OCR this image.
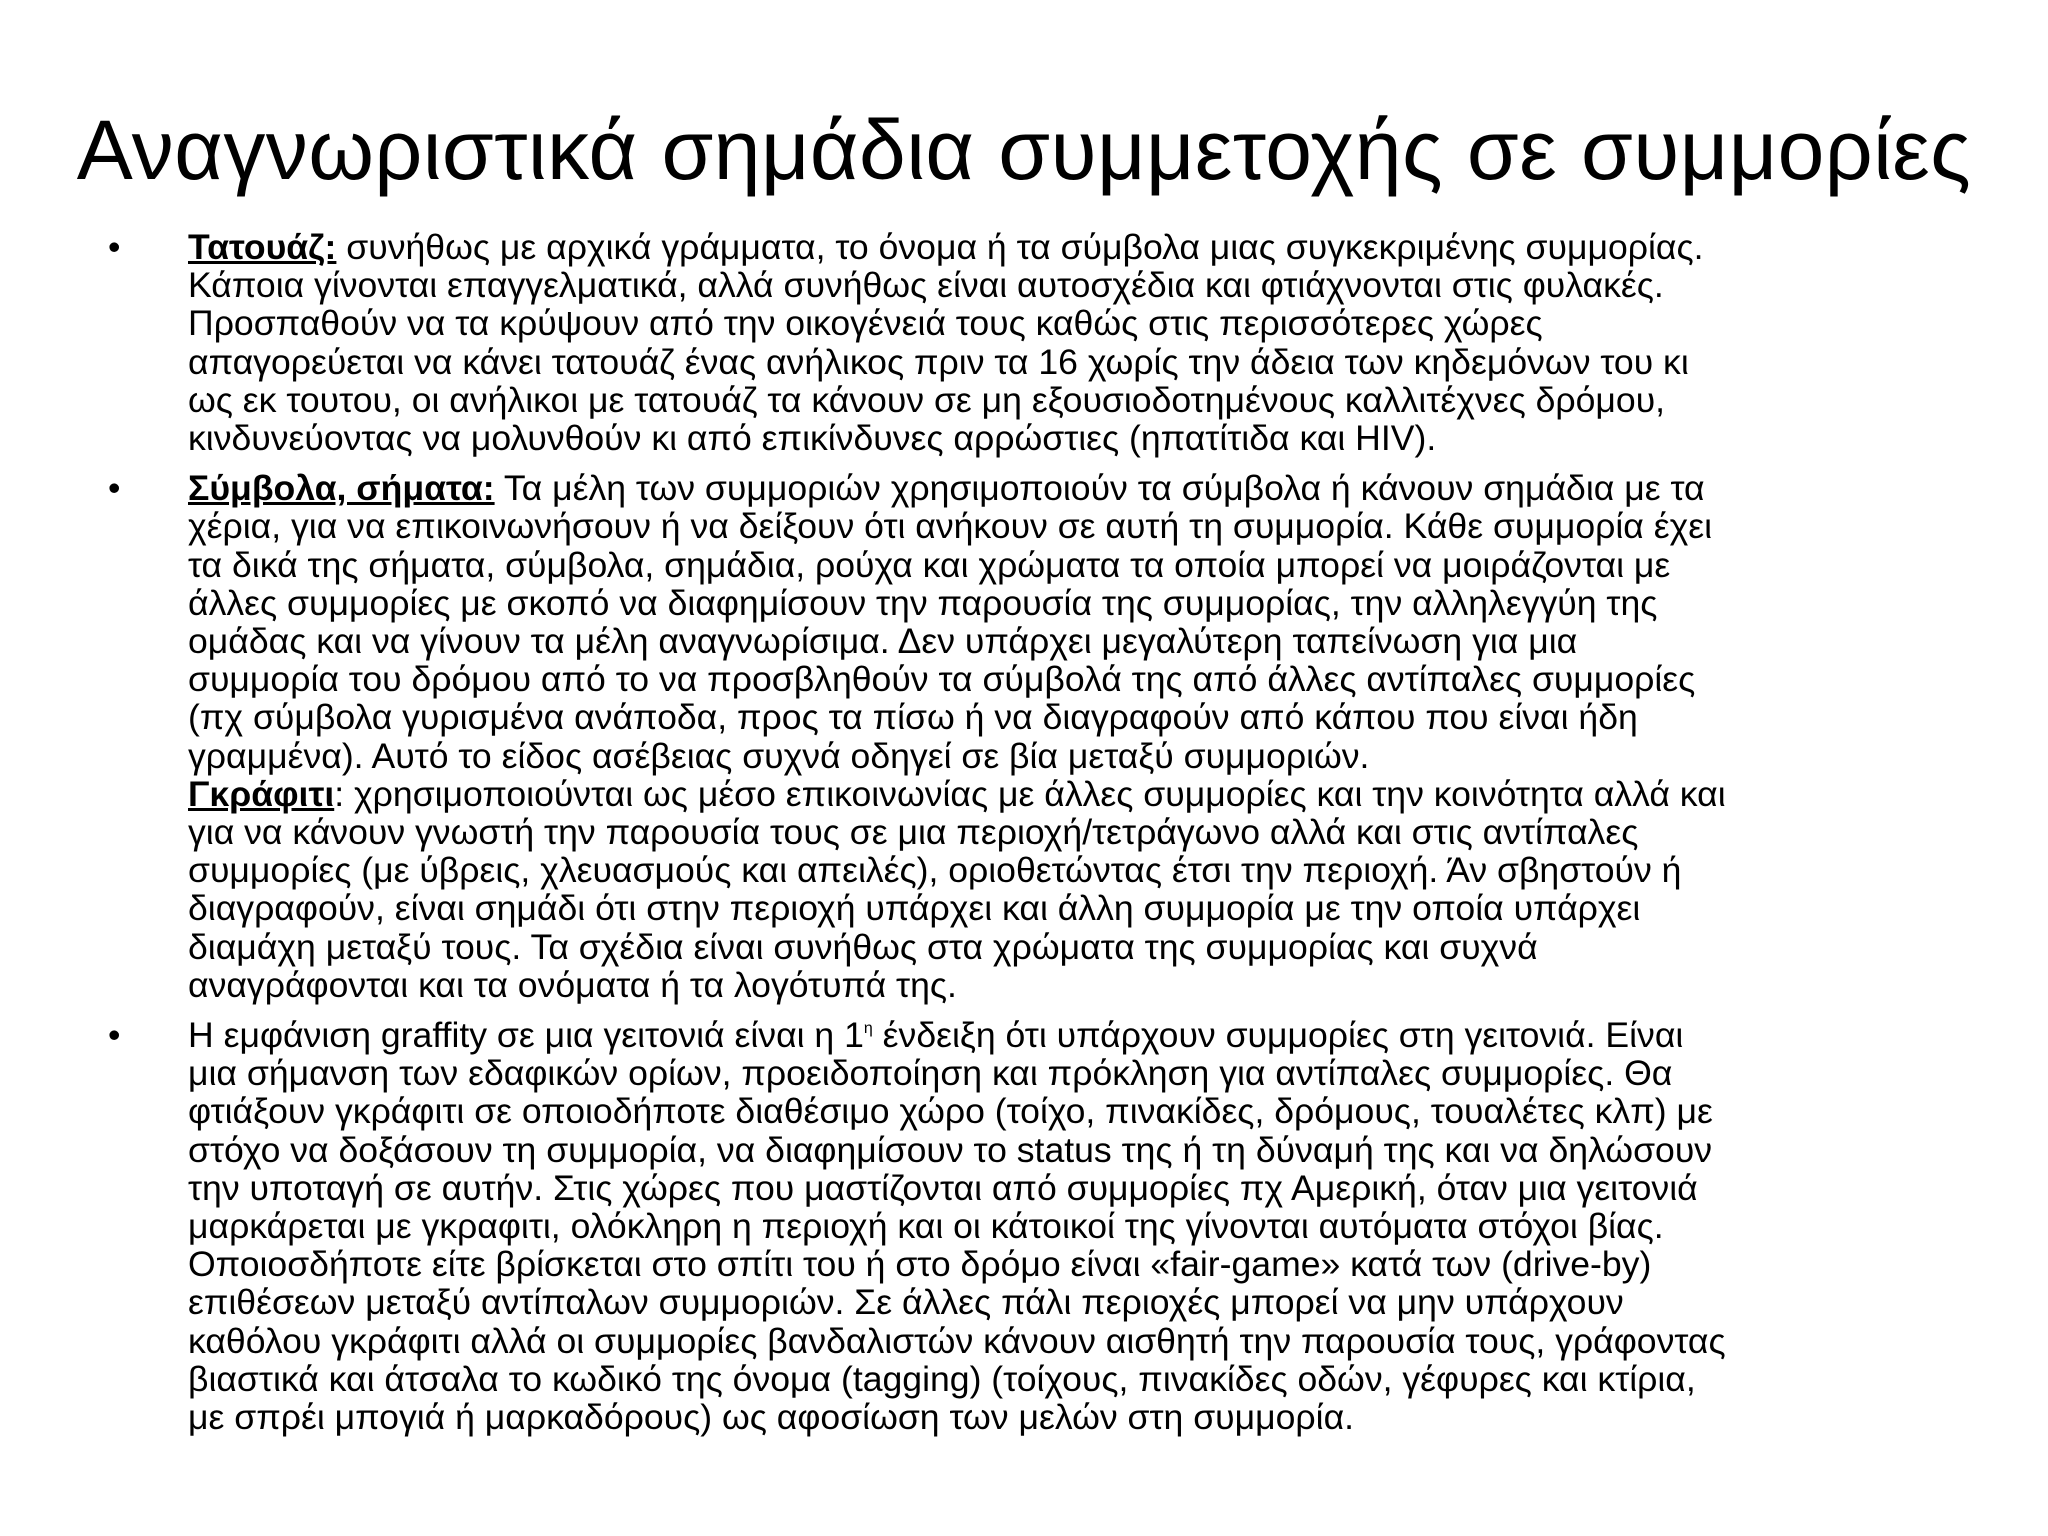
Αναγνωριστικά σημάδια συμμετοχής σε συμμορίες
•
Τατουάζ: συνήθως με αρχικά γράμματα, το όνομα ή τα σύμβολα μιας συγκεκριμένης συμμορίας.
Κάποια γίνονται επαγγελματικά, αλλά συνήθως είναι αυτοσχέδια και φτιάχνονται στις φυλακές.
Προσπαθούν να τα κρύψουν από την οικογένειά τους καθώς στις περισσότερες χώρες
απαγορεύεται να κάνει τατουάζ ένας ανήλικος πριν τα 16 χωρίς την άδεια των κηδεμόνων του κι
ως εκ τουτου, οι ανήλικοι με τατουάζ τα κάνουν σε μη εξουσιοδοτημένους καλλιτέχνες δρόμου,
κινδυνεύοντας να μολυνθούν κι από επικίνδυνες αρρώστιες (ηπατίτιδα και HIV).
•
Σύμβολα, σήματα: Τα μέλη των συμμοριών χρησιμοποιούν τα σύμβολα ή κάνουν σημάδια με τα
χέρια, για να επικοινωνήσουν ή να δείξουν ότι ανήκουν σε αυτή τη συμμορία. Κάθε συμμορία έχει
τα δικά της σήματα, σύμβολα, σημάδια, ρούχα και χρώματα τα οποία μπορεί να μοιράζονται με
άλλες συμμορίες με σκοπό να διαφημίσουν την παρουσία της συμμορίας, την αλληλεγγύη της
ομάδας και να γίνουν τα μέλη αναγνωρίσιμα. Δεν υπάρχει μεγαλύτερη ταπείνωση για μια
συμμορία του δρόμου από το να προσβληθούν τα σύμβολά της από άλλες αντίπαλες συμμορίες
(πχ σύμβολα γυρισμένα ανάποδα, προς τα πίσω ή να διαγραφούν από κάπου που είναι ήδη
γραμμένα). Αυτό το είδος ασέβειας συχνά οδηγεί σε βία μεταξύ συμμοριών.
Γκράφιτι: χρησιμοποιούνται ως μέσο επικοινωνίας με άλλες συμμορίες και την κοινότητα αλλά και
για να κάνουν γνωστή την παρουσία τους σε μια περιοχή/τετράγωνο αλλά και στις αντίπαλες
συμμορίες (με ύβρεις, χλευασμούς και απειλές), οριοθετώντας έτσι την περιοχή. Άν σβηστούν ή
διαγραφούν, είναι σημάδι ότι στην περιοχή υπάρχει και άλλη συμμορία με την οποία υπάρχει
διαμάχη μεταξύ τους. Τα σχέδια είναι συνήθως στα χρώματα της συμμορίας και συχνά
αναγράφονται και τα ονόματα ή τα λογότυπά της.
•
Η εμφάνιση graffity σε μια γειτονιά είναι η $1^\eta$ ένδειξη ότι υπάρχουν συμμορίες στη γειτονιά. Είναι
μια σήμανση των εδαφικών ορίων, προειδοποίηση και πρόκληση για αντίπαλες συμμορίες. Θα
φτιάξουν γκράφιτι σε οποιοδήποτε διαθέσιμο χώρο (τοίχο, πινακίδες, δρόμους, τουαλέτες κλπ) με
στόχο να δοξάσουν τη συμμορία, να διαφημίσουν το status της ή τη δύναμή της και να δηλώσουν
την υποταγή σε αυτήν. Στις χώρες που μαστίζονται από συμμορίες πχ Αμερική, όταν μια γειτονιά
μαρκάρεται με γκραφιτι, ολόκληρη η περιοχή και οι κάτοικοί της γίνονται αυτόματα στόχοι βίας.
Οποιοσδήποτε είτε βρίσκεται στο σπίτι του ή στο δρόμο είναι «fair-game» κατά των (drive-by)
επιθέσεων μεταξύ αντίπαλων συμμοριών. Σε άλλες πάλι περιοχές μπορεί να μην υπάρχουν
καθόλου γκράφιτι αλλά οι συμμορίες βανδαλιστών κάνουν αισθητή την παρουσία τους, γράφοντας
βιαστικά και άτσαλα το κωδικό της όνομα (tagging) (τοίχους, πινακίδες οδών, γέφυρες και κτίρια,
με σπρέι μπογιά ή μαρκαδόρους) ως αφοσίωση των μελών στη συμμορία.
